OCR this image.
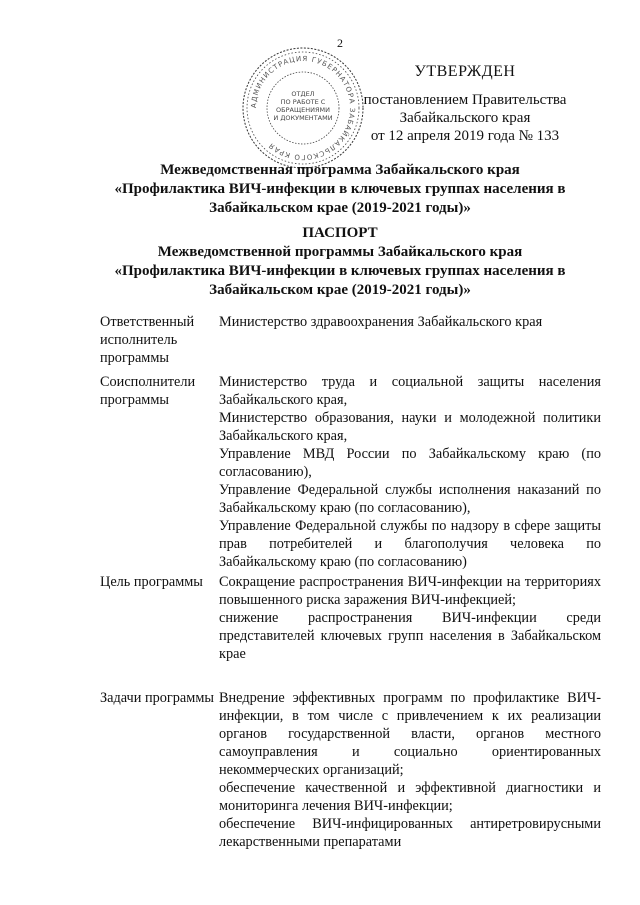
2
АДМИНИСТРАЦИЯ ГУБЕРНАТОРА ЗАБАЙКАЛЬСКОГО КРАЯ
ОТДЕЛ
ПО РАБОТЕ С
ОБРАЩЕНИЯМИ
И ДОКУМЕНТАМИ
УТВЕРЖДЕН
постановлением Правительства
Забайкальского края
от 12 апреля 2019 года № 133
Межведомственная программа Забайкальского края
«Профилактика ВИЧ-инфекции в ключевых группах населения в
Забайкальском крае (2019-2021 годы)»
ПАСПОРТ
Межведомственной программы Забайкальского края
«Профилактика ВИЧ-инфекции в ключевых группах населения в
Забайкальском крае (2019-2021 годы)»
Ответственный исполнитель программы

Министерство здравоохранения Забайкальского края

Соисполнители программы

Министерство труда и социальной защиты населения Забайкальского края,

Министерство образования, науки и молодежной политики Забайкальского края,

Управление МВД России по Забайкальскому краю (по согласованию),

Управление Федеральной службы исполнения наказаний по Забайкальскому краю (по согласованию),

Управление Федеральной службы по надзору в сфере защиты прав потребителей и благополучия человека по Забайкальскому краю (по согласованию)

Цель программы	Сокращение распространения ВИЧ-инфекции на территориях повышенного риска заражения ВИЧ-инфекцией;

снижение распространения ВИЧ-инфекции среди представителей ключевых групп населения в Забайкальском крае

Задачи программы Внедрение эффективных программ по профилактике ВИЧ-инфекции, в том числе с привлечением к их реализации органов государственной власти, органов местного самоуправления и социально ориентированных некоммерческих организаций;

обеспечение качественной и эффективной диагностики и мониторинга лечения ВИЧ-инфекции;

обеспечение ВИЧ-инфицированных антиретровирусными лекарственными препаратами
